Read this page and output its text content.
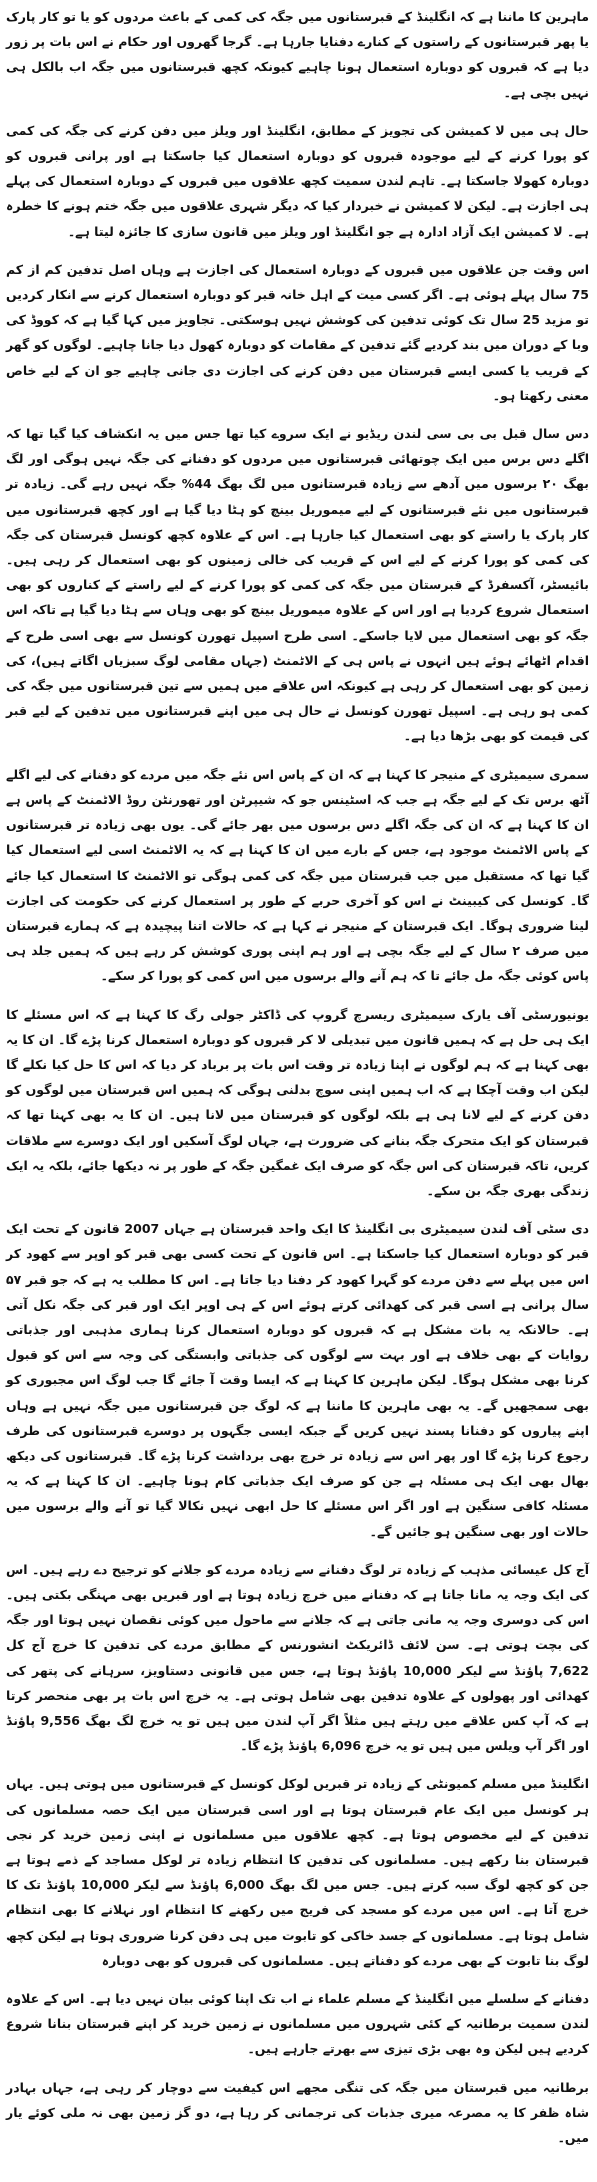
ماہرین کا ماننا ہے کہ انگلینڈ کے قبرستانوں میں جگہ کی کمی کے باعث مردوں کو یا تو کار پارک یا پھر قبرستانوں کے راستوں کے کنارے دفنایا جارہا ہے۔ گرجا گھروں اور حکام نے اس بات پر زور دیا ہے کہ قبروں کو دوبارہ استعمال ہونا چاہیے کیونکہ کچھ قبرستانوں میں جگہ اب بالکل ہی نہیں بچی ہے۔

حال ہی میں لا کمیشن کی تجویز کے مطابق، انگلینڈ اور ویلز میں دفن کرنے کی جگہ کی کمی کو پورا کرنے کے لیے موجودہ قبروں کو دوبارہ استعمال کیا جاسکتا ہے اور پرانی قبروں کو دوبارہ کھولا جاسکتا ہے۔ تاہم لندن سمیت کچھ علاقوں میں قبروں کے دوبارہ استعمال کی پہلے ہی اجازت ہے۔ لیکن لا کمیشن نے خبردار کیا کہ دیگر شہری علاقوں میں جگہ ختم ہونے کا خطرہ ہے۔ لا کمیشن ایک آزاد ادارہ ہے جو انگلینڈ اور ویلز میں قانون سازی کا جائزہ لیتا ہے۔

اس وقت جن علاقوں میں قبروں کے دوبارہ استعمال کی اجازت ہے وہاں اصل تدفین کم از کم 75 سال پہلے ہوئی ہے۔ اگر کسی میت کے اہل خانہ قبر کو دوبارہ استعمال کرنے سے انکار کردیں تو مزید 25 سال تک کوئی تدفین کی کوشش نہیں ہوسکتی۔ تجاویز میں کہا گیا ہے کہ کووڈ کی وبا کے دوران میں بند کردیے گئے تدفین کے مقامات کو دوبارہ کھول دیا جانا چاہیے۔ لوگوں کو گھر کے قریب یا کسی ایسے قبرستان میں دفن کرنے کی اجازت دی جانی چاہیے جو ان کے لیے خاص معنی رکھتا ہو۔

دس سال قبل بی بی سی لندن ریڈیو نے ایک سروے کیا تھا جس میں یہ انکشاف کیا گیا تھا کہ اگلے دس برس میں ایک چوتھائی قبرستانوں میں مردوں کو دفنانے کی جگہ نہیں ہوگی اور لگ بھگ ۲۰ برسوں میں آدھے سے زیادہ قبرستانوں میں لگ بھگ 44% جگہ نہیں رہے گی۔ زیادہ تر قبرستانوں میں نئے قبرستانوں کے لیے میموریل بینچ کو ہٹا دیا گیا ہے اور کچھ قبرستانوں میں کار پارک یا راستے کو بھی استعمال کیا جارہا ہے۔ اس کے علاوہ کچھ کونسل قبرستان کی جگہ کی کمی کو پورا کرنے کے لیے اس کے قریب کی خالی زمینوں کو بھی استعمال کر رہی ہیں۔ بائیسٹر، آکسفرڈ کے قبرستان میں جگہ کی کمی کو پورا کرنے کے لیے راستے کے کناروں کو بھی استعمال شروع کردیا ہے اور اس کے علاوہ میموریل بینچ کو بھی وہاں سے ہٹا دیا گیا ہے تاکہ اس جگہ کو بھی استعمال میں لایا جاسکے۔ اسی طرح اسپیل تھورن کونسل سے بھی اسی طرح کے اقدام اٹھائے ہوئے ہیں انہوں نے پاس ہی کے الاٹمنٹ (جہاں مقامی لوگ سبزیاں اگاتے ہیں)، کی زمین کو بھی استعمال کر رہی ہے کیونکہ اس علاقے میں ہمیں سے تین قبرستانوں میں جگہ کی کمی ہو رہی ہے۔ اسپیل تھورن کونسل نے حال ہی میں اپنے قبرستانوں میں تدفین کے لیے قبر کی قیمت کو بھی بڑھا دیا ہے۔

سمری سیمیٹری کے منیجر کا کہنا ہے کہ ان کے پاس اس نئے جگہ میں مردے کو دفنانے کی لیے اگلے آٹھ برس تک کے لیے جگہ ہے جب کہ اسٹینس جو کہ شیپرٹن اور تھورنٹن روڈ الاٹمنٹ کے پاس ہے ان کا کہنا ہے کہ ان کی جگہ اگلے دس برسوں میں بھر جائے گی۔ یوں بھی زیادہ تر قبرستانوں کے پاس الاٹمنٹ موجود ہے، جس کے بارے میں ان کا کہنا ہے کہ یہ الاٹمنٹ اسی لیے استعمال کیا گیا تھا کہ مستقبل میں جب قبرستان میں جگہ کی کمی ہوگی تو الاٹمنٹ کا استعمال کیا جائے گا۔ کونسل کی کیبینٹ نے اس کو آخری حربے کے طور پر استعمال کرنے کی حکومت کی اجازت لینا ضروری ہوگا۔ ایک قبرستان کے منیجر نے کہا ہے کہ حالات اتنا پیچیدہ ہے کہ ہمارے قبرستان میں صرف ۲ سال کے لیے جگہ بچی ہے اور ہم اپنی پوری کوشش کر رہے ہیں کہ ہمیں جلد ہی پاس کوئی جگہ مل جائے تا کہ ہم آنے والے برسوں میں اس کمی کو پورا کر سکے۔

یونیورسٹی آف یارک سیمیٹری ریسرچ گروپ کی ڈاکٹر جولی رگ کا کہنا ہے کہ اس مسئلے کا ایک ہی حل ہے کہ ہمیں قانون میں تبدیلی لا کر قبروں کو دوبارہ استعمال کرنا پڑے گا۔ ان کا یہ بھی کہنا ہے کہ ہم لوگوں نے اپنا زیادہ تر وقت اس بات پر برباد کر دیا کہ اس کا حل کیا نکلے گا لیکن اب وقت آچکا ہے کہ اب ہمیں اپنی سوچ بدلنی ہوگی کہ ہمیں اس قبرستان میں لوگوں کو دفن کرنے کے لیے لانا ہی ہے بلکہ لوگوں کو قبرستان میں لانا ہیں۔ ان کا یہ بھی کہنا تھا کہ قبرستان کو ایک متحرک جگہ بنانے کی ضرورت ہے، جہاں لوگ آسکیں اور ایک دوسرے سے ملاقات کریں، تاکہ قبرستان کی اس جگہ کو صرف ایک غمگین جگہ کے طور پر نہ دیکھا جائے، بلکہ یہ ایک زندگی بھری جگہ بن سکے۔

دی سٹی آف لندن سیمیٹری بی انگلینڈ کا ایک واحد قبرستان ہے جہاں 2007 قانون کے تحت ایک قبر کو دوبارہ استعمال کیا جاسکتا ہے۔ اس قانون کے تحت کسی بھی قبر کو اوپر سے کھود کر اس میں پہلے سے دفن مردے کو گہرا کھود کر دفنا دیا جاتا ہے۔ اس کا مطلب یہ ہے کہ جو قبر ۵۷ سال پرانی ہے اسی قبر کی کھدائی کرتے ہوئے اس کے ہی اوپر ایک اور قبر کی جگہ نکل آتی ہے۔ حالانکہ یہ بات مشکل ہے کہ قبروں کو دوبارہ استعمال کرنا ہماری مذہبی اور جذباتی روایات کے بھی خلاف ہے اور بہت سے لوگوں کی جذباتی وابستگی کی وجہ سے اس کو قبول کرنا بھی مشکل ہوگا۔ لیکن ماہرین کا کہنا ہے کہ ایسا وقت آ جائے گا جب لوگ اس مجبوری کو بھی سمجھیں گے۔ یہ بھی ماہرین کا ماننا ہے کہ لوگ جن قبرستانوں میں جگہ نہیں ہے وہاں اپنے پیاروں کو دفنانا پسند نہیں کریں گے جبکہ ایسی جگہوں پر دوسرے قبرستانوں کی طرف رجوع کرنا پڑے گا اور پھر اس سے زیادہ تر خرچ بھی برداشت کرنا پڑے گا۔ قبرستانوں کی دیکھ بھال بھی ایک ہی مسئلہ ہے جن کو صرف ایک جذباتی کام ہونا چاہیے۔ ان کا کہنا ہے کہ یہ مسئلہ کافی سنگین ہے اور اگر اس مسئلے کا حل ابھی نہیں نکالا گیا تو آنے والے برسوں میں حالات اور بھی سنگین ہو جائیں گے۔

آج کل عیسائی مذہب کے زیادہ تر لوگ دفنانے سے زیادہ مردے کو جلانے کو ترجیح دے رہے ہیں۔ اس کی ایک وجہ یہ مانا جاتا ہے کہ دفنانے میں خرچ زیادہ ہوتا ہے اور قبریں بھی مہنگی بکتی ہیں۔ اس کی دوسری وجہ یہ مانی جاتی ہے کہ جلانے سے ماحول میں کوئی نقصان نہیں ہوتا اور جگہ کی بچت ہوتی ہے۔ سن لائف ڈائریکٹ انشورنس کے مطابق مردے کی تدفین کا خرچ آج کل 7,622 پاؤنڈ سے لیکر 10,000 پاؤنڈ ہوتا ہے، جس میں قانونی دستاویز، سرہانے کی پتھر کی کھدائی اور پھولوں کے علاوہ تدفین بھی شامل ہوتی ہے۔ یہ خرچ اس بات پر بھی منحصر کرتا ہے کہ آپ کس علاقے میں رہتے ہیں مثلاً اگر آپ لندن میں ہیں تو یہ خرچ لگ بھگ 9,556 پاؤنڈ اور اگر آپ ویلس میں ہیں تو یہ خرچ 6,096 پاؤنڈ پڑے گا۔

انگلینڈ میں مسلم کمیونٹی کے زیادہ تر قبریں لوکل کونسل کے قبرستانوں میں ہوتی ہیں۔ یہاں ہر کونسل میں ایک عام قبرستان ہوتا ہے اور اسی قبرستان میں ایک حصہ مسلمانوں کی تدفین کے لیے مخصوص ہوتا ہے۔ کچھ علاقوں میں مسلمانوں نے اپنی زمین خرید کر نجی قبرستان بنا رکھے ہیں۔ مسلمانوں کی تدفین کا انتظام زیادہ تر لوکل مساجد کے ذمے ہوتا ہے جن کو کچھ لوگ سبہ کرتے ہیں۔ جس میں لگ بھگ 6,000 پاؤنڈ سے لیکر 10,000 پاؤنڈ تک کا خرچ آتا ہے۔ اس میں مردے کو مسجد کی فریج میں رکھنے کا انتظام اور نہلانے کا بھی انتظام شامل ہوتا ہے۔ مسلمانوں کے جسد خاکی کو تابوت میں ہی دفن کرنا ضروری ہوتا ہے لیکن کچھ لوگ بنا تابوت کے بھی مردے کو دفناتے ہیں۔ مسلمانوں کی قبروں کو بھی دوبارہ

دفنانے کے سلسلے میں انگلینڈ کے مسلم علماء نے اب تک اپنا کوئی بیان نہیں دیا ہے۔ اس کے علاوہ لندن سمیت برطانیہ کے کئی شہروں میں مسلمانوں نے زمین خرید کر اپنے قبرستان بنانا شروع کردیے ہیں لیکن وہ بھی بڑی تیزی سے بھرتے جارہے ہیں۔

برطانیہ میں قبرستان میں جگہ کی تنگی مجھے اس کیفیت سے دوچار کر رہی ہے، جہاں بہادر شاہ ظفر کا یہ مصرعہ میری جذبات کی ترجمانی کر رہا ہے، دو گز زمین بھی نہ ملی کوئے یار میں۔
